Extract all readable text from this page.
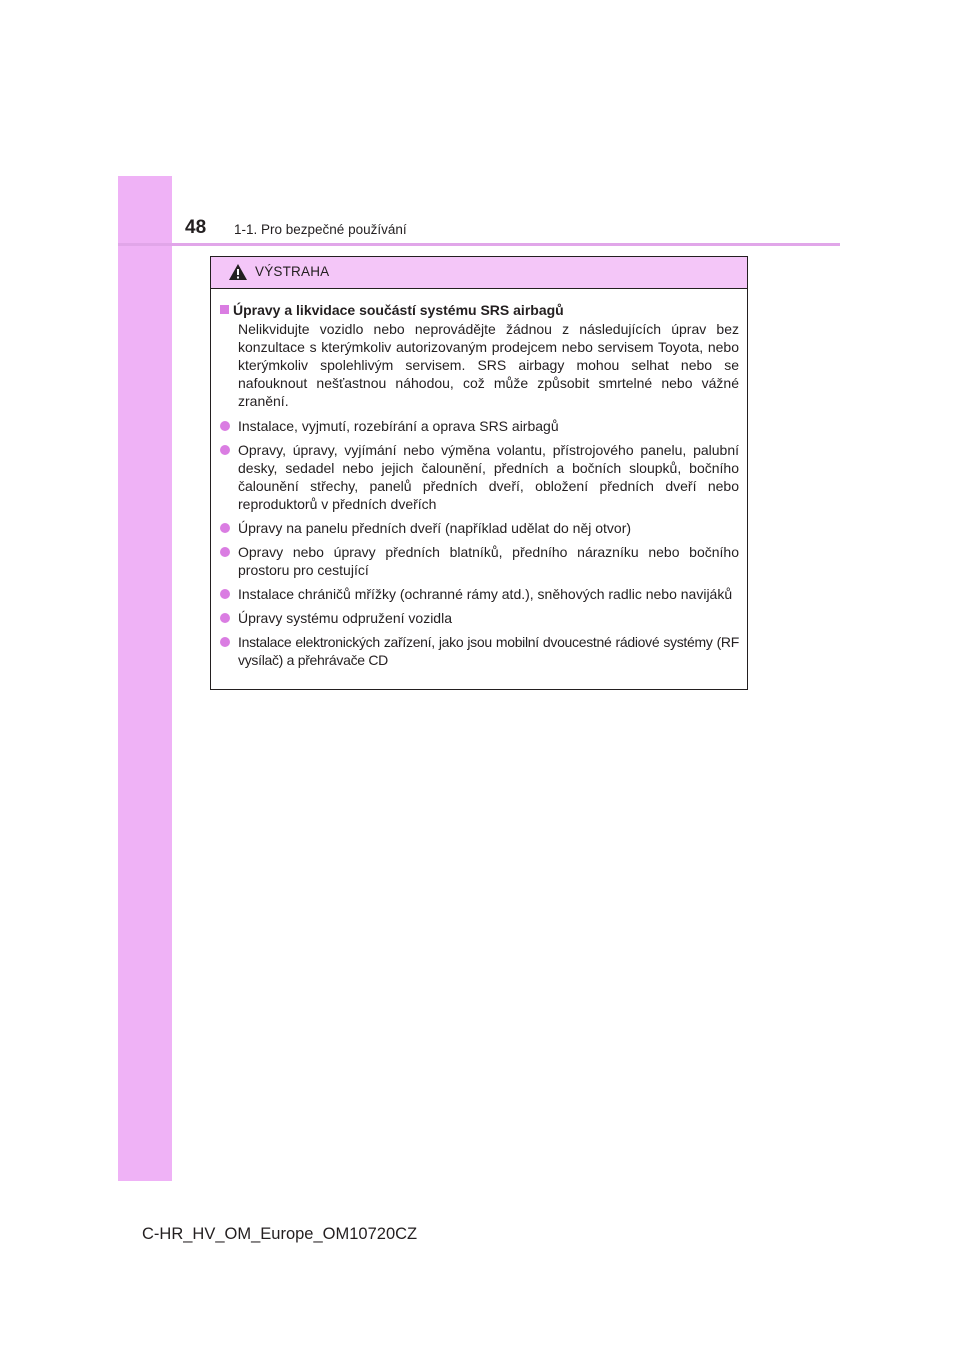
48 1-1. Pro bezpečné používání
VÝSTRAHA
Úpravy a likvidace součástí systému SRS airbagů
Nelikvidujte vozidlo nebo neprovádějte žádnou z následujících úprav bez konzultace s kterýmkoliv autorizovaným prodejcem nebo servisem Toyota, nebo kterýmkoliv spolehlivým servisem. SRS airbagy mohou selhat nebo se nafouknout nešťastnou náhodou, což může způsobit smrtelné nebo vážné zranění.
Instalace, vyjmutí, rozebírání a oprava SRS airbagů
Opravy, úpravy, vyjímání nebo výměna volantu, přístrojového panelu, palubní desky, sedadel nebo jejich čalounění, předních a bočních sloupků, bočního čalounění střechy, panelů předních dveří, obložení předních dveří nebo reproduktorů v předních dveřích
Úpravy na panelu předních dveří (například udělat do něj otvor)
Opravy nebo úpravy předních blatníků, předního nárazníku nebo bočního prostoru pro cestující
Instalace chráničů mřížky (ochranné rámy atd.), sněhových radlic nebo navijáků
Úpravy systému odpružení vozidla
Instalace elektronických zařízení, jako jsou mobilní dvoucestné rádiové systémy (RF vysílač) a přehrávače CD
C-HR_HV_OM_Europe_OM10720CZ
